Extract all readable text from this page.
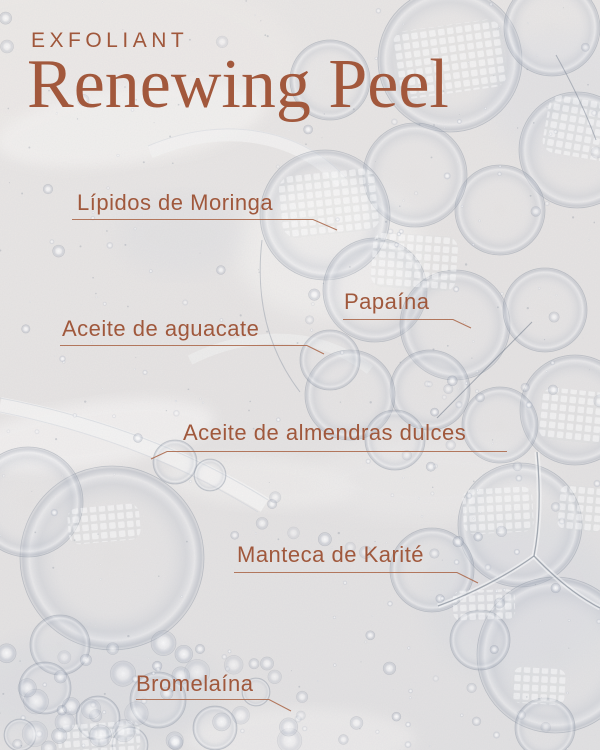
EXFOLIANT
Renewing Peel
Lípidos de Moringa
Papaína
Aceite de aguacate
Aceite de almendras dulces
Manteca de Karité
Bromelaína
